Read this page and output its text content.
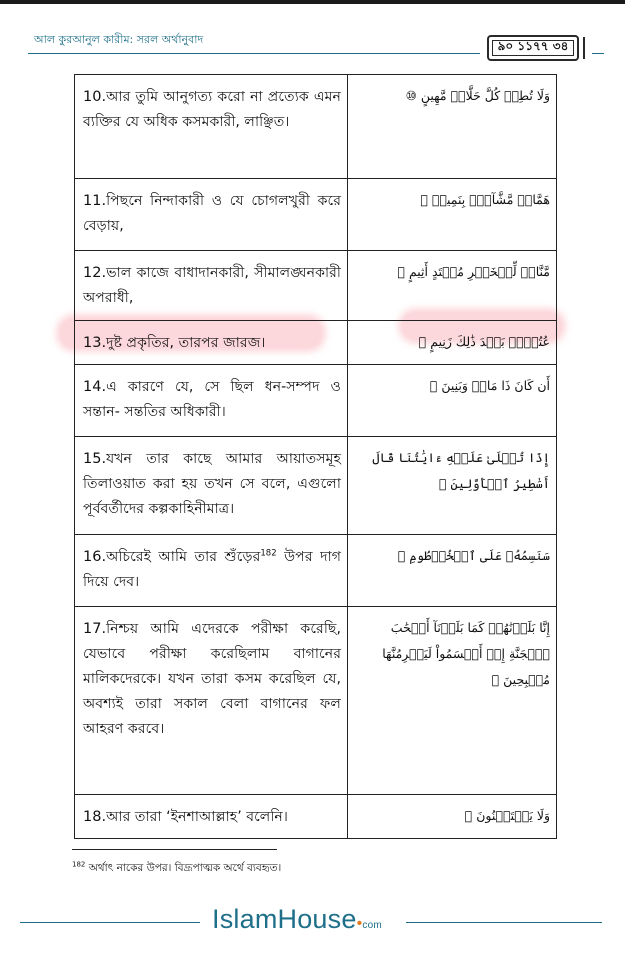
আল কুরআনুল কারীম: সরল অর্থানুবাদ	৯০ ১১৭৭ ৩৪
10.আর তুমি আনুগত্য করো না প্রত্যেক এমন ব্যক্তির যে অধিক কসমকারী, লাঞ্ছিত।	وَلَا تُطِعۡ كُلَّ حَلَّافٖ مَّهِينٍ ⑩
11.পিছনে নিন্দাকারী ও যে চোগলখুরী করে বেড়ায়,	هَمَّازٖ مَّشَّآءِۭ بِنَمِيمٖ ⑪
12.ভাল কাজে বাধাদানকারী, সীমালঙ্ঘনকারী অপরাধী,	مَّنَّاعٖ لِّلۡخَيۡرِ مُعۡتَدٍ أَثِيمٍ ⑫
13.দুষ্ট প্রকৃতির, তারপর জারজ।	عُتُلِّۭ بَعۡدَ ذَٰلِكَ زَنِيمٍ ⑬
14.এ কারণে যে, সে ছিল ধন-সম্পদ ও সন্তান- সন্ততির অধিকারী।	أَن كَانَ ذَا مَالٖ وَبَنِينَ ⑭
15.যখন তার কাছে আমার আয়াতসমূহ তিলাওয়াত করা হয় তখন সে বলে, এগুলো পূর্ববর্তীদের কল্পকাহিনীমাত্র।	إِذَا تُتۡلَىٰ عَلَيۡهِ ءَايَٰتُنَا قَالَ أَسَٰطِيرُ ٱلۡأَوَّلِينَ ⑮
16.অচিরেই আমি তার শুঁড়ের$^{182}$ উপর দাগ দিয়ে দেব।	سَنَسِمُهُۥ عَلَى ٱلۡخُرۡطُومِ ⑯
17.নিশ্চয় আমি এদেরকে পরীক্ষা করেছি, যেভাবে পরীক্ষা করেছিলাম বাগানের মালিকদেরকে। যখন তারা কসম করেছিল যে, অবশ্যই তারা সকাল বেলা বাগানের ফল আহরণ করবে।	إِنَّا بَلَوۡنَٰهُمۡ كَمَا بَلَوۡنَآ أَصۡحَٰبَ ٱلۡجَنَّةِ إِذۡ أَقۡسَمُواْ لَيَصۡرِمُنَّهَا مُصۡبِحِينَ ⑰
18.আর তারা ‘ইনশাআল্লাহ’ বলেনি।	وَلَا يَسۡتَثۡنُونَ ⑱
$^{182}$ অর্থাৎ নাকের উপর। বিদ্রূপাত্মক অর্থে ব্যবহৃত।
IslamHouse•com
